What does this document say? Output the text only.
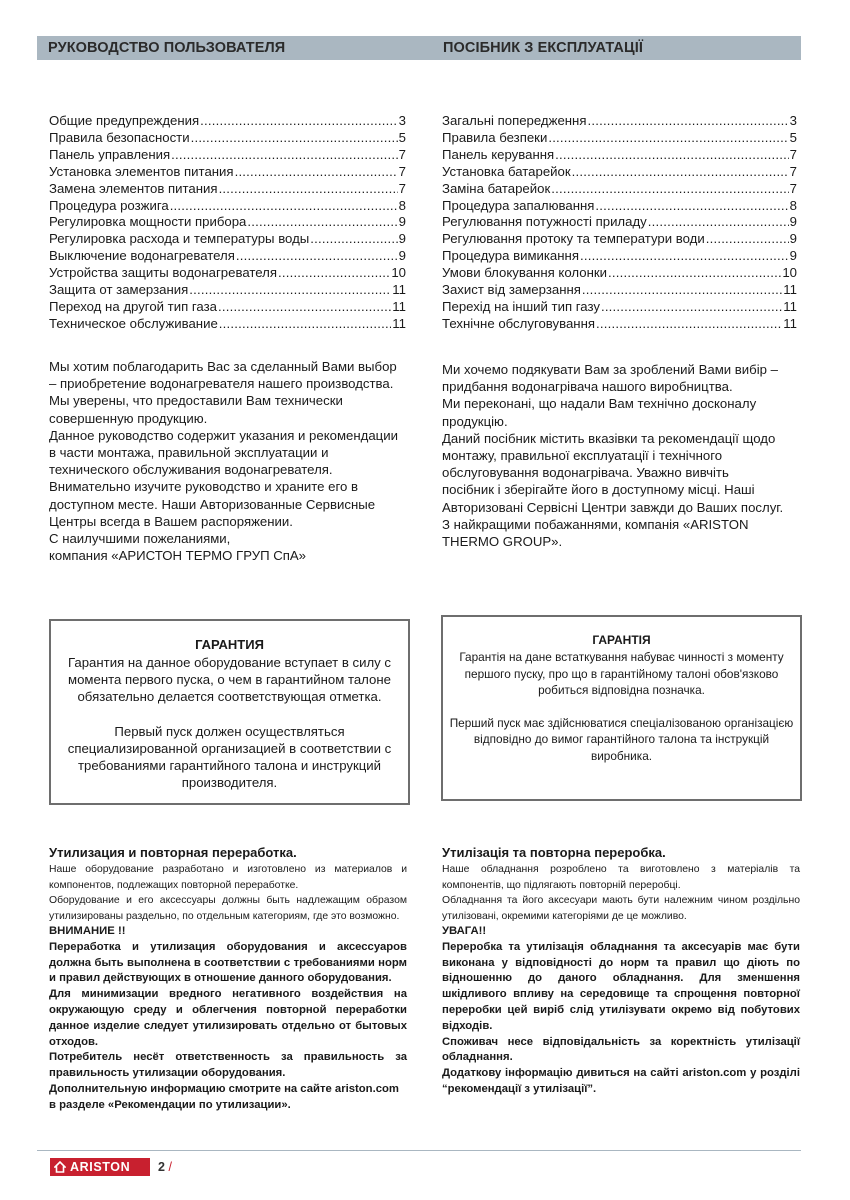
РУКОВОДСТВО ПОЛЬЗОВАТЕЛЯ	ПОСІБНИК З ЕКСПЛУАТАЦІЇ
Общие предупреждения .....	3
Правила безопасности .....	5
Панель управления .....	7
Установка элементов питания .....	7
Замена элементов питания .....	7
Процедура розжига .....	8
Регулировка мощности прибора .....	9
Регулировка расхода и температуры воды .....	9
Выключение водонагревателя .....	9
Устройства защиты водонагревателя .....	10
Защита от замерзания .....	11
Переход на другой тип газа .....	11
Техническое обслуживание .....	11
Загальні попередження .....	3
Правила безпеки .....	5
Панель керування .....	7
Установка батарейок .....	7
Заміна батарейок .....	7
Процедура запалювання .....	8
Регулювання потужності приладу .....	9
Регулювання протоку та температури води .....	9
Процедура вимикання .....	9
Умови блокування колонки .....	10
Захист від замерзання .....	11
Перехід на інший тип газу .....	11
Технічне обслуговування .....	11

Мы хотим поблагодарить Вас за сделанный Вами выбор – приобретение водонагревателя нашего производства.

Мы уверены, что предоставили Вам технически совершенную продукцию.

Данное руководство содержит указания и рекомендации в части монтажа, правильной эксплуатации и технического обслуживания водонагревателя.

Внимательно изучите руководство и храните его в доступном месте. Наши Авторизованные Сервисные Центры всегда в Вашем распоряжении.

С наилучшими пожеланиями,

компания «АРИСТОН ТЕРМО ГРУП СпА»

Ми хочемо подякувати Вам за зроблений Вами вибір – придбання водонагрівача нашого виробництва.

Ми переконані, що надали Вам технічно досконалу продукцію.

Даний посібник містить вказівки та рекомендації щодо монтажу, правильної експлуатації і технічного обслуговування водонагрівача. Уважно вивчіть посібник і зберігайте його в доступному місці. Наші Авторизовані Сервісні Центри завжди до Ваших послуг.

З найкращими побажаннями, компанія «ARISTON THERMO GROUP».

ГАРАНТИЯ

Гарантия на данное оборудование вступает в силу с момента первого пуска, о чем в гарантийном талоне обязательно делается соответствующая отметка.

Первый пуск должен осуществляться специализированной организацией в соответствии с требованиями гарантийного талона и инструкций производителя.

ГАРАНТІЯ

Гарантія на дане встаткування набуває чинності з моменту першого пуску, про що в гарантійному талоні обов'язково робиться відповідна позначка.

Перший пуск має здійснюватися спеціалізованою організацією відповідно до вимог гарантійного талона та інструкцій виробника.

Утилизация и повторная переработка.

Наше оборудование разработано и изготовлено из материалов и компонентов, подлежащих повторной переработке.

Оборудование и его аксессуары должны быть надлежащим образом утилизированы раздельно, по отдельным категориям, где это возможно.

ВНИМАНИЕ !!

Переработка и утилизация оборудования и аксессуаров должна быть выполнена в соответствии с требованиями норм и правил действующих в отношение данного оборудования.

Для минимизации вредного негативного воздействия на окружающую среду и облегчения повторной переработки данное изделие следует утилизировать отдельно от бытовых отходов.

Потребитель несёт ответственность за правильность за правильность утилизации оборудования.

Дополнительную информацию смотрите на сайте ariston.com в разделе «Рекомендации по утилизации».

Утилізація та повторна переробка.

Наше обладнання розроблено та виготовлено з матеріалів та компонентів, що підлягають повторній переробці.

Обладнання та його аксесуари мають бути належним чином роздільно утилізовані, окремими категоріями де це можливо.

УВАГА!!

Переробка та утилізація обладнання та аксесуарів має бути виконана у відповідності до норм та правил що діють по відношенню до даного обладнання. Для зменшення шкідливого впливу на середовище та спрощення повторної переробки цей виріб слід утилізувати окремо від побутових відходів.

Споживач несе відповідальність за коректність утилізації обладнання.

Додаткову інформацію дивиться на сайті ariston.com у розділі “рекомендації з утилізації”.

ARISTON 2 /
